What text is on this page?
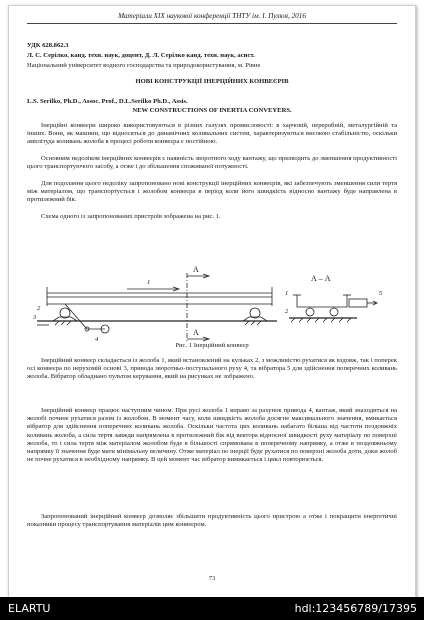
Матеріали XIX наукової конференції ТНТУ ім. І. Пулюя, 2016
УДК 628.862.3
Л. С. Серілко, канд. техн. наук, доцент, Д. Л. Серілко канд. техн. наук, асист.
Національний університет водного господарства та природокористування, м. Рівне
НОВІ КОНСТРУКЦІЇ ІНЕРЦІЙНИХ КОНВЕЄРІВ
L.S. Serilko, Ph.D., Assoc. Prof., D.L.Serilko Ph.D., Assis.
NEW CONSTRUCTIONS OF INERTIA CONVEYERS.
Інерційні конвеєри широко використовуються в різних галузях промисловості: в харчовій, переробній, металургійній та інших. Вони, як машини, що відносяться до динамічних коливальних систем, характеризуються високою стабільністю, оскільки амплітуда коливань жолоба в процесі роботи конвеєра є постійною.
Основним недоліком інерційних конвеєрів є наявність зворотного ходу вантажу, що призводить до зменшення продуктивності цього транспортуючого засобу, а отже і до збільшення споживаної потужності.
Для подолання цього недоліку запропоновано нові конструкції інерційних конвеєрів, які забезпечують зменшення сили тертя між матеріалом, що транспортується і жолобом конвеєра в період коли його швидкість відносно вантажу буде направлена в протилежний бік.
Схема одного із запропонованих пристроїв зображена на рис. 1.
А
А
А – А
1
2
3
4
5
1
2
Рис. 1 Інерційний конвеєр
Інерційний конвеєр складається із жолоба 1, який встановлений на кульках 2, з можливістю рухатися як вздовж, так і поперек осі конвеєра по нерухомій основі 3, привода зворотньо-поступального руху 4, та вібратора 5 для здійснення поперечних коливань жолоба. Вібратор обладнано пультом керування, який на рисунках не зображено.
Інерційний конвеєр працює наступним чином. При русі жолоба 1 вправо за рахунок привода 4, вантаж, який знаходиться на жолобі почине рухатися разом із жолобом. В момент часу, коли швидкість жолоба досягне максимального значення, вмикається вібратор для здійснення поперечних коливань жолоба. Оскільки частота цих коливань набагато більша від частоти поздовжніх коливань жолоба, а сила тертя завжди напрямлена в протилежний бік від вектора відносної швидкості руху матеріалу по поверхні жолоба, то і сила тертя між матеріалом жолобом буде в більшості спрямована в поперечному напрямку, а отже в поздовжньому напрямку її значення буде мати мінімальну величину. Отже матеріал по інерції буде рухатися по поверхні жолоба доти, доки жолоб не почне рухатися в необхідному напрямку. В цей момент час вібратор вимикається і цикл повторюється.
Запропонований інерційний конвеєр дозволяє збільшити продуктивність цього пристрою а отже і покращити енергетичні показники процесу транспортування матеріалів цим конвеєром.
73
ELARTU	hdl:123456789/17395
